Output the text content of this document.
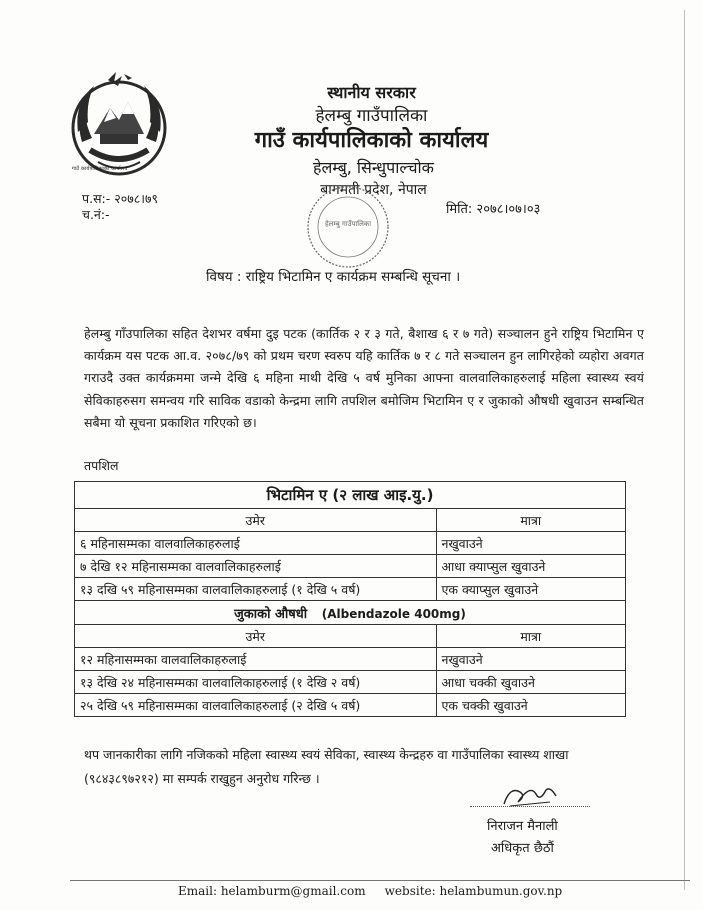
गाउँ कार्यपालिकाको कार्यालय
स्थानीय सरकार
हेलम्बु गाउँपालिका
गाउँ कार्यपालिकाको कार्यालय
हेलम्बु, सिन्धुपाल्चोक
बागमती प्रदेश, नेपाल
प.स:- २०७८।७९
च.नं:-	मिति: २०७८।०७।०३
हेलम्बु गाउँपालिका
विषय : राष्ट्रिय भिटामिन ए कार्यक्रम सम्बन्धि सूचना ।
हेलम्बु गाँउपालिका सहित देशभर वर्षमा दुइ पटक (कार्तिक २ र ३ गते, बैशाख ६ र ७ गते) सञ्चालन हुने राष्ट्रिय भिटामिन ए कार्यक्रम यस पटक आ.व. २०७८/७९ को प्रथम चरण स्वरुप यहि कार्तिक ७ र ८ गते सञ्चालन हुन लागिरहेको व्यहोरा अवगत गराउदै उक्त कार्यक्रममा जन्मे देखि ६ महिना माथी देखि ५ वर्ष मुनिका आफ्ना वालवालिकाहरुलाई महिला स्वास्थ्य स्वयं सेविकाहरुसग समन्वय गरि साविक वडाको केन्द्रमा लागि तपशिल बमोजिम भिटामिन ए र जुकाको औषधी खुवाउन सम्बन्धित सबैमा यो सूचना प्रकाशित गरिएको छ।
तपशिल
भिटामिन ए (२ लाख आइ.यु.)	
उमेर	मात्रा
६ महिनासम्मका वालवालिकाहरुलाई	नखुवाउने
७ देखि १२ महिनासम्मका वालवालिकाहरुलाई	आधा क्याप्सुल खुवाउने
१३ दखि ५९ महिनासम्मका वालवालिकाहरुलाई (१ देखि ५ वर्ष)	एक क्याप्सुल खुवाउने
जुकाको औषधी (Albendazole 400mg)	
उमेर	मात्रा
१२ महिनासम्मका वालवालिकाहरुलाई	नखुवाउने
१३ देखि २४ महिनासम्मका वालवालिकाहरुलाई (१ देखि २ वर्ष)	आधा चक्की खुवाउने
२५ देखि ५९ महिनासम्मका वालवालिकाहरुलाई (२ देखि ५ वर्ष)	एक चक्की खुवाउने
थप जानकारीका लागि नजिकको महिला स्वास्थ्य स्वयं सेविका, स्वास्थ्य केन्द्रहरु वा गाउँपालिका स्वास्थ्य शाखा (९८४३८९७२१२) मा सम्पर्क राखुहुन अनुरोध गरिन्छ ।
निराजन मैनाली
अधिकृत छैठौं
Email: helamburm@gmail.com     website: helambumun.gov.np
